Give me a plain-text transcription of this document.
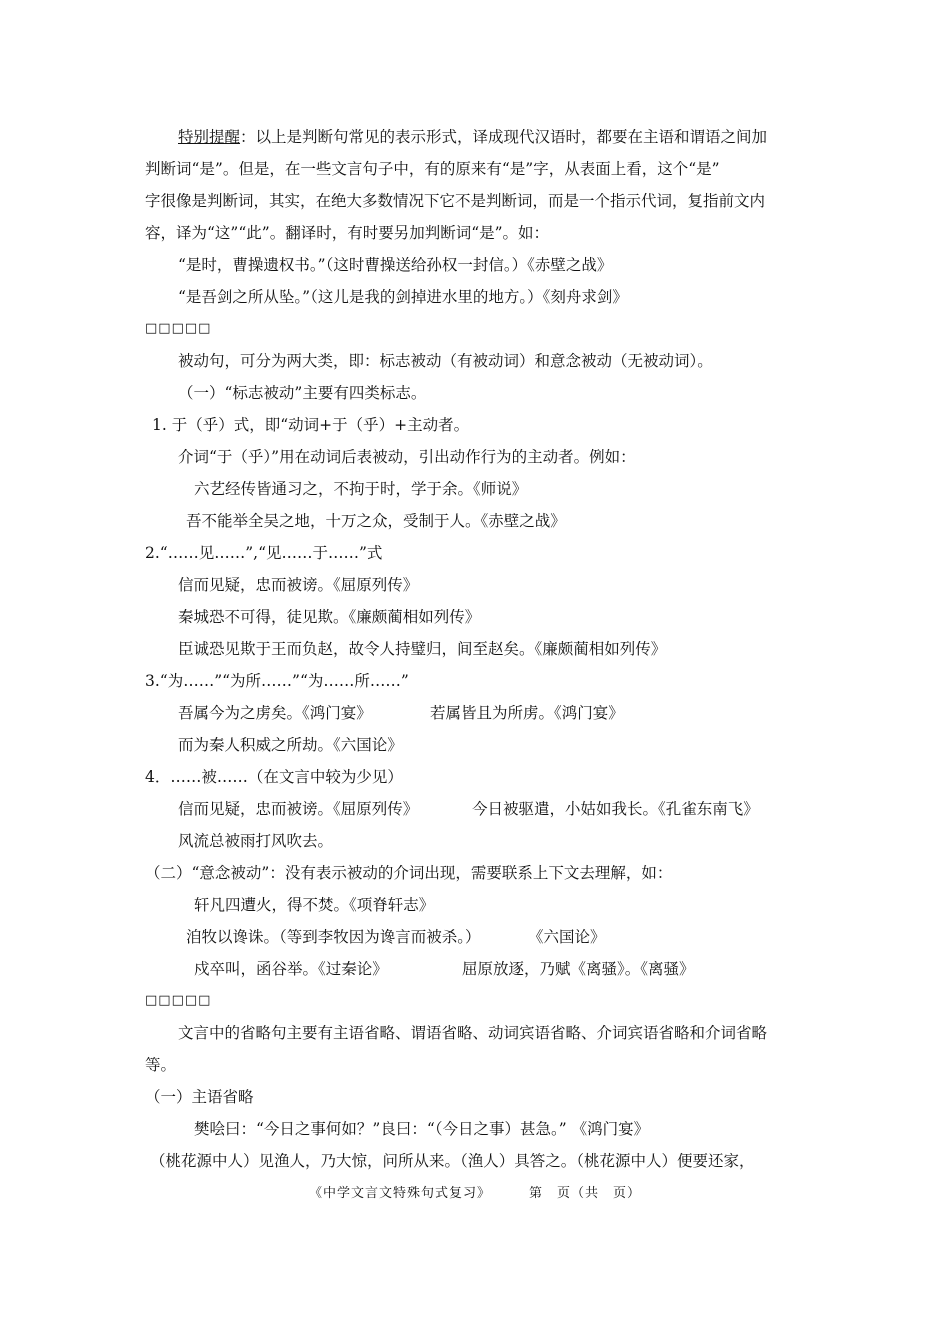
特别提醒：以上是判断句常见的表示形式，译成现代汉语时，都要在主语和谓语之间加
判断词“是”。但是，在一些文言句子中，有的原来有“是”字，从表面上看，这个“是”
字很像是判断词，其实，在绝大多数情况下它不是判断词，而是一个指示代词，复指前文内
容，译为“这”“此”。翻译时，有时要另加判断词“是”。如：
“是时，曹操遗权书。”（这时曹操送给孙权一封信。）《赤壁之战》
“是吾剑之所从坠。”（这儿是我的剑掉进水里的地方。）《刻舟求剑》
□□□□□
被动句，可分为两大类，即：标志被动（有被动词）和意念被动（无被动词）。
（一）“标志被动”主要有四类标志。
1. 于（乎）式，即“动词+于（乎）+主动者。
介词“于（乎）”用在动词后表被动，引出动作行为的主动者。例如：
六艺经传皆通习之，不拘于时，学于余。《师说》
吾不能举全吴之地，十万之众，受制于人。《赤壁之战》
2.“……见……”,“见……于……”式
信而见疑，忠而被谤。《屈原列传》
秦城恐不可得，徒见欺。《廉颇蔺相如列传》
臣诚恐见欺于王而负赵，故令人持璧归，间至赵矣。《廉颇蔺相如列传》
3.“为……”“为所……”“为……所……”
吾属今为之虏矣。《鸿门宴》	若属皆且为所虏。《鸿门宴》
而为秦人积威之所劫。《六国论》
4．……被……（在文言中较为少见）
信而见疑，忠而被谤。《屈原列传》	今日被驱遣，小姑如我长。《孔雀东南飞》
风流总被雨打风吹去。
（二）“意念被动”：没有表示被动的介词出现，需要联系上下文去理解，如：
轩凡四遭火，得不焚。《项脊轩志》
洎牧以谗诛。（等到李牧因为谗言而被杀。）	《六国论》
戍卒叫，函谷举。《过秦论》	屈原放逐，乃赋《离骚》。《离骚》
□□□□□
文言中的省略句主要有主语省略、谓语省略、动词宾语省略、介词宾语省略和介词省略
等。
（一）主语省略
樊哙曰：“今日之事何如？”良曰：“（今日之事）甚急。” 《鸿门宴》
（桃花源中人）见渔人，乃大惊，问所从来。（渔人）具答之。（桃花源中人）便要还家，
《中学文言文特殊句式复习》	第　页（共　页）
